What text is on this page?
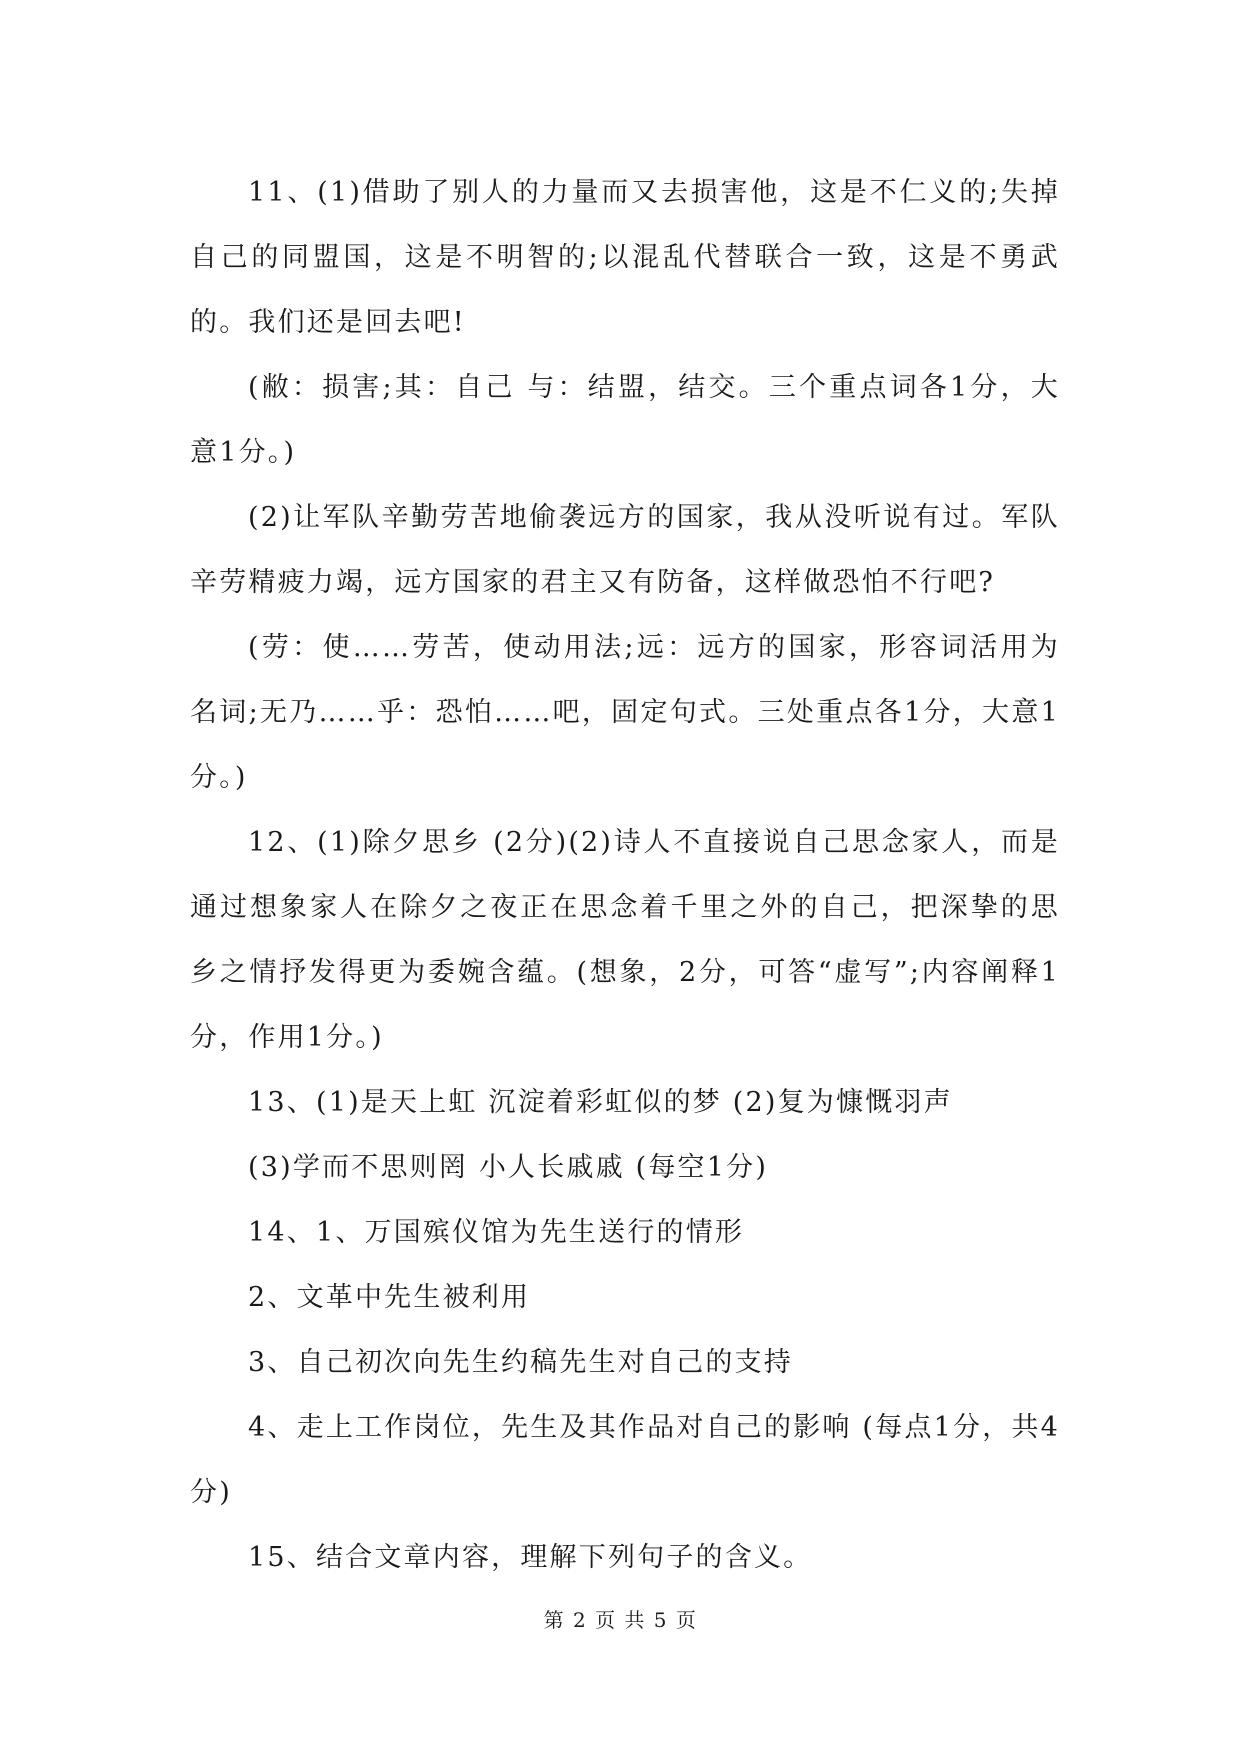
11、(1)借助了别人的力量而又去损害他，这是不仁义的;失掉自己的同盟国，这是不明智的;以混乱代替联合一致，这是不勇武的。我们还是回去吧!

(敝：损害;其：自己 与：结盟，结交。三个重点词各1分，大意1分。)

(2)让军队辛勤劳苦地偷袭远方的国家，我从没听说有过。军队辛劳精疲力竭，远方国家的君主又有防备，这样做恐怕不行吧?

(劳：使……劳苦，使动用法;远：远方的国家，形容词活用为名词;无乃……乎：恐怕……吧，固定句式。三处重点各1分，大意1分。)

12、(1)除夕思乡 (2分)(2)诗人不直接说自己思念家人，而是通过想象家人在除夕之夜正在思念着千里之外的自己，把深挚的思乡之情抒发得更为委婉含蕴。(想象，2分，可答“虚写”;内容阐释1分，作用1分。)

13、(1)是天上虹 沉淀着彩虹似的梦 (2)复为慷慨羽声

(3)学而不思则罔 小人长戚戚 (每空1分)

14、1、万国殡仪馆为先生送行的情形

2、文革中先生被利用

3、自己初次向先生约稿先生对自己的支持

4、走上工作岗位，先生及其作品对自己的影响 (每点1分，共4分)

15、结合文章内容，理解下列句子的含义。

第 2 页 共 5 页
